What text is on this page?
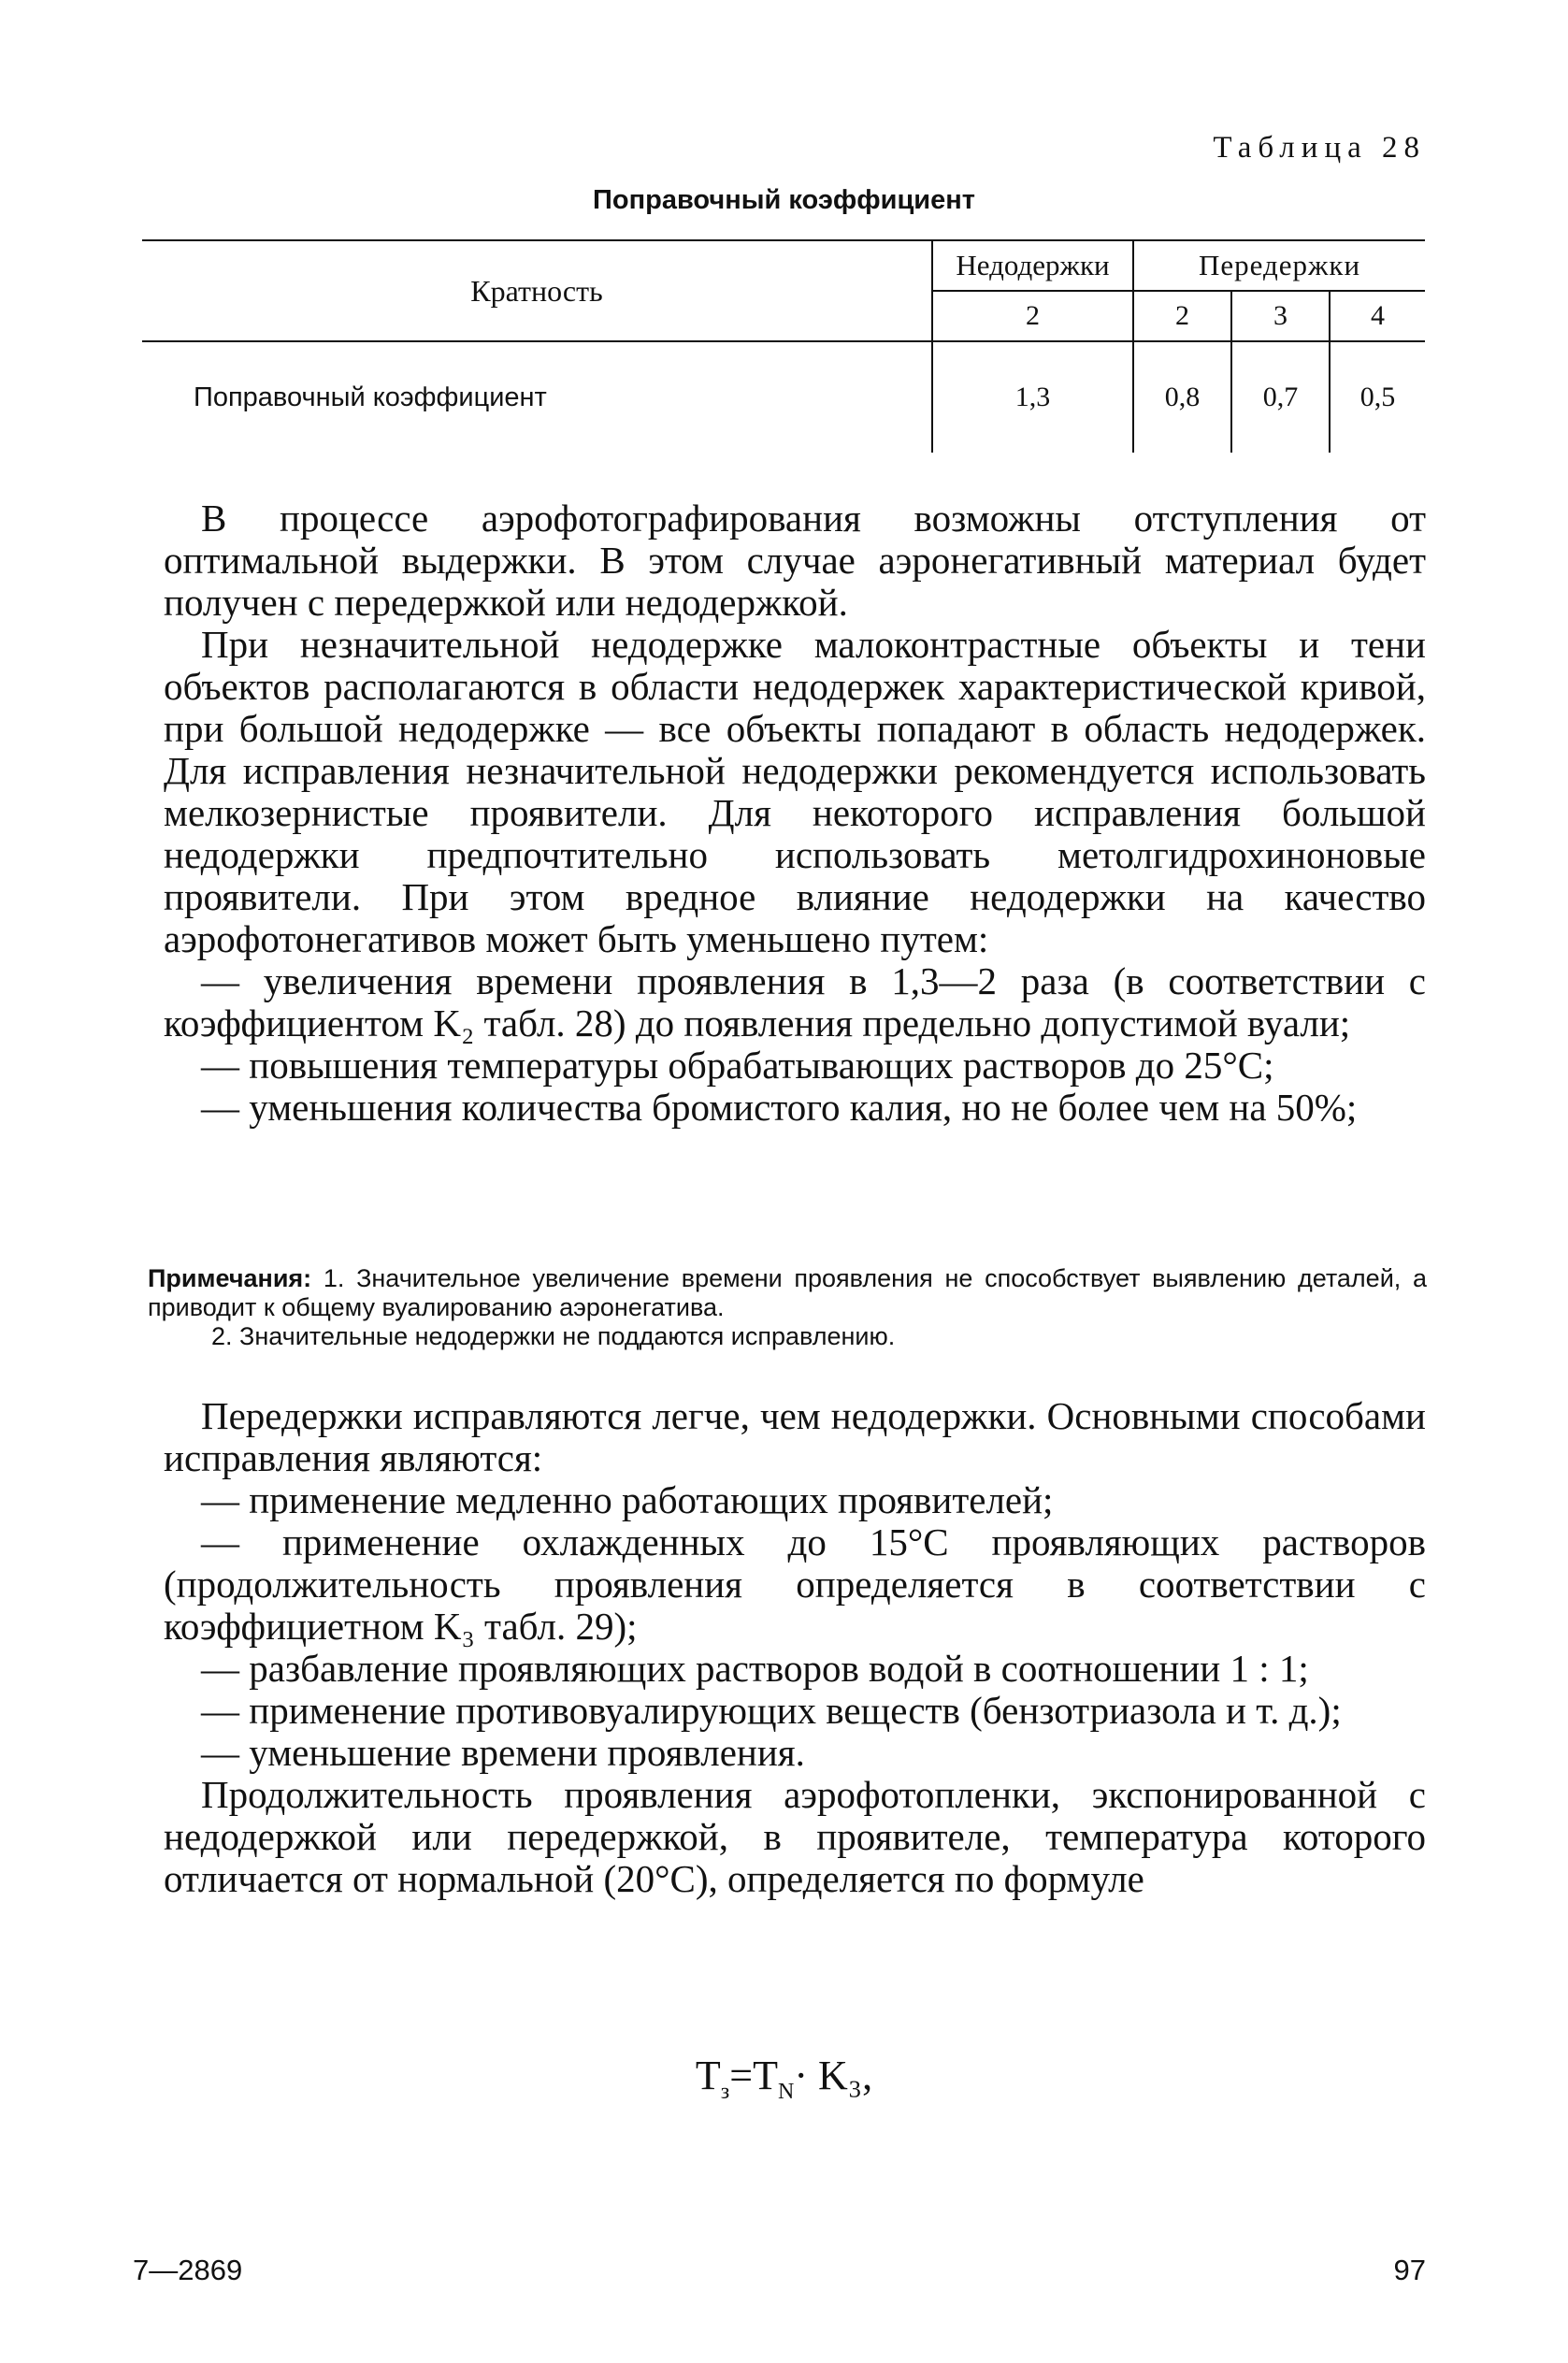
Таблица 28
Поправочный коэффициент
Кратность	Недодержки	Передержки		
	2	2	3	4
Поправочный коэффициент	1,3	0,8	0,7	0,5

В процессе аэрофотографирования возможны отступления от оптимальной выдержки. В этом случае аэронегативный материал будет получен с передержкой или недодержкой.

При незначительной недодержке малоконтрастные объекты и тени объектов располагаются в области недодержек характеристической кривой, при большой недодержке — все объекты попадают в область недодержек. Для исправления незначительной недодержки рекомендуется использовать мелкозернистые проявители. Для некоторого исправления большой недодержки предпочтительно использовать метолгидрохиноновые проявители. При этом вредное влияние недодержки на качество аэрофотонегативов может быть уменьшено путем:

— увеличения времени проявления в 1,3—2 раза (в соответствии с коэффициентом K₂ табл. 28) до появления предельно допустимой вуали;

— повышения температуры обрабатывающих растворов до 25°C;

— уменьшения количества бромистого калия, но не более чем на 50%;

Примечания: 1. Значительное увеличение времени проявления не способствует выявлению деталей, а приводит к общему вуалированию аэронегатива.

2. Значительные недодержки не поддаются исправлению.

Передержки исправляются легче, чем недодержки. Основными способами исправления являются:

— применение медленно работающих проявителей;

— применение охлажденных до 15°C проявляющих растворов (продолжительность проявления определяется в соответствии с коэффициетном K₃ табл. 29);

— разбавление проявляющих растворов водой в соотношении 1 : 1;

— применение противовуалирующих веществ (бензотриазола и т. д.);

— уменьшение времени проявления.

Продолжительность проявления аэрофотопленки, экспонированной с недодержкой или передержкой, в проявителе, температура которого отличается от нормальной (20°C), определяется по формуле

$T_з=T_N\cdot K_3$,
7—2869	97
